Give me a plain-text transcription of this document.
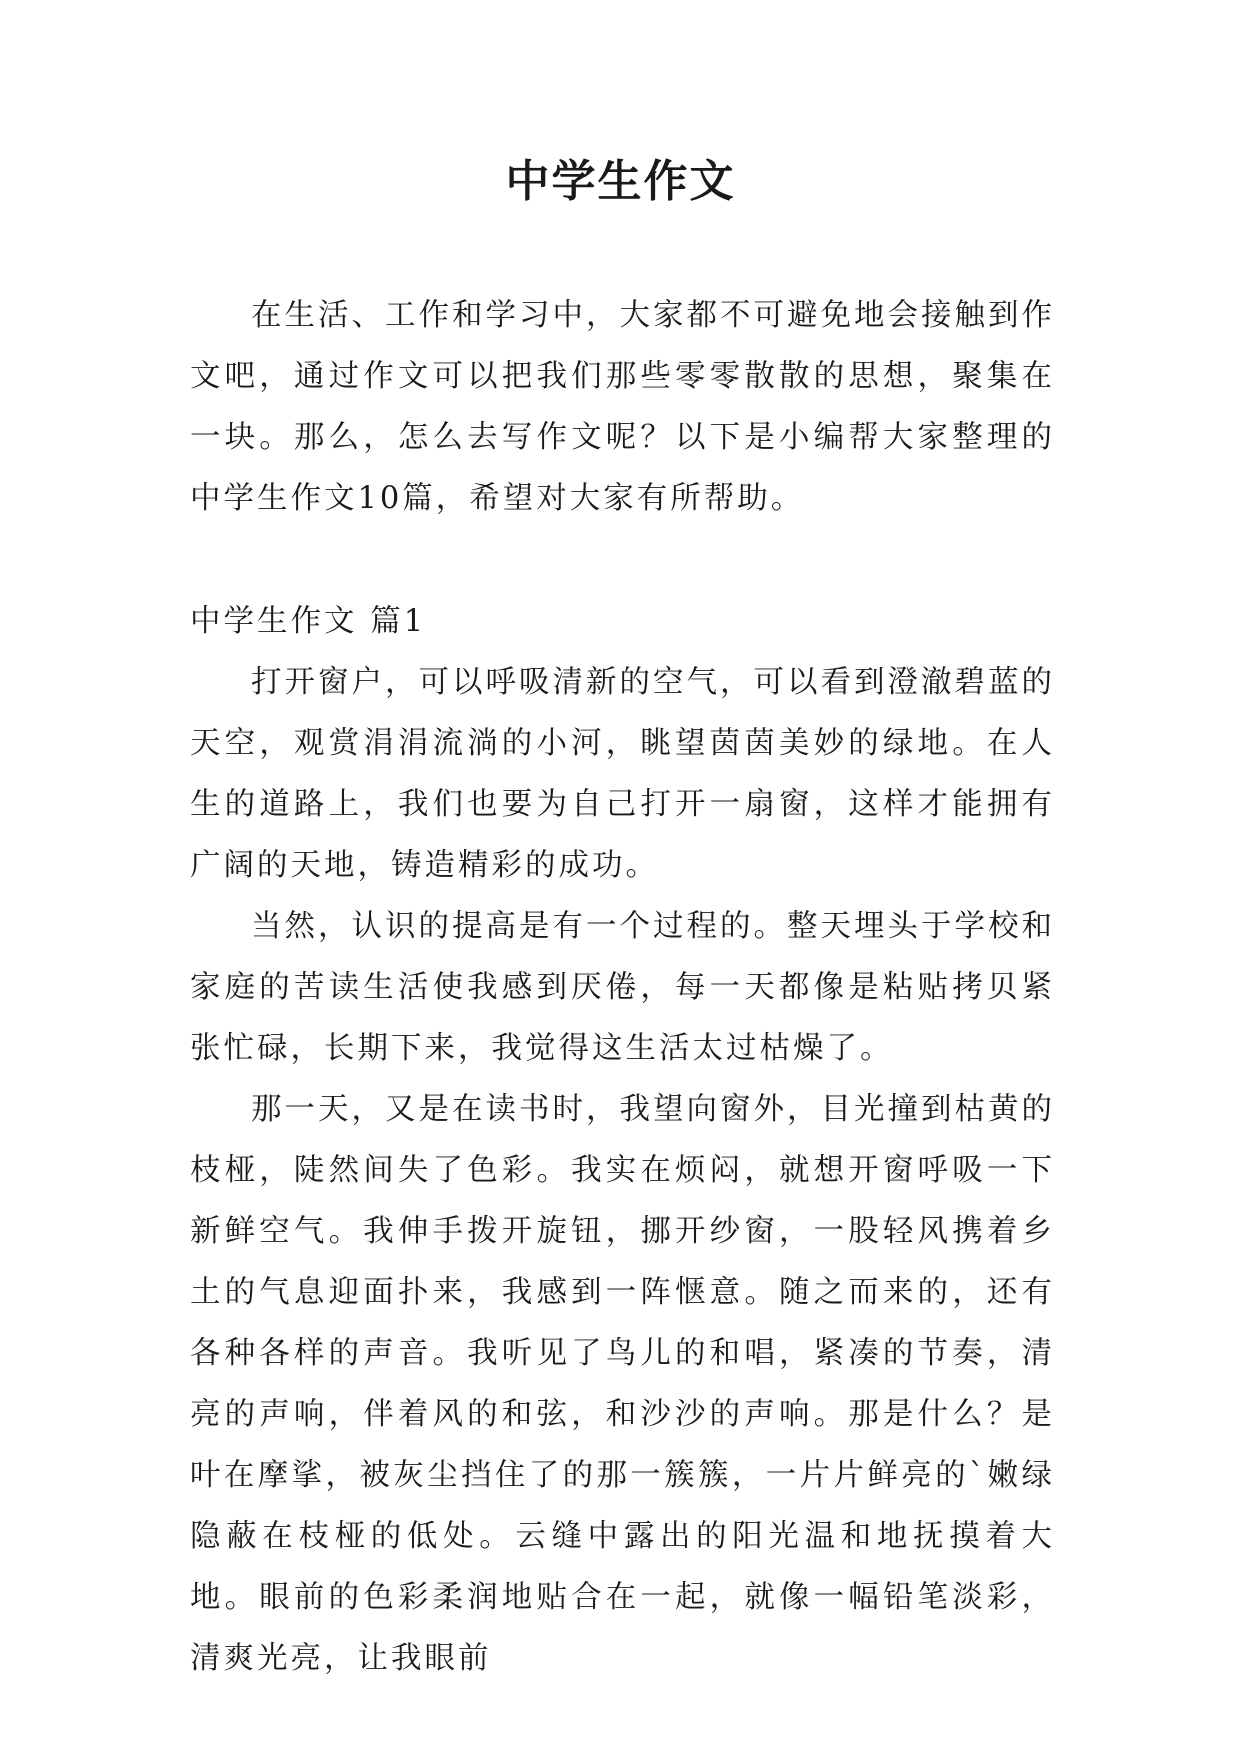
中学生作文

在生活、工作和学习中，大家都不可避免地会接触到作文吧，通过作文可以把我们那些零零散散的思想，聚集在一块。那么，怎么去写作文呢？以下是小编帮大家整理的中学生作文10篇，希望对大家有所帮助。

中学生作文 篇1

打开窗户，可以呼吸清新的空气，可以看到澄澈碧蓝的天空，观赏涓涓流淌的小河，眺望茵茵美妙的绿地。在人生的道路上，我们也要为自己打开一扇窗，这样才能拥有广阔的天地，铸造精彩的成功。

当然，认识的提高是有一个过程的。整天埋头于学校和家庭的苦读生活使我感到厌倦，每一天都像是粘贴拷贝紧张忙碌，长期下来，我觉得这生活太过枯燥了。

那一天，又是在读书时，我望向窗外，目光撞到枯黄的枝桠，陡然间失了色彩。我实在烦闷，就想开窗呼吸一下新鲜空气。我伸手拨开旋钮，挪开纱窗，一股轻风携着乡土的气息迎面扑来，我感到一阵惬意。随之而来的，还有各种各样的声音。我听见了鸟儿的和唱，紧凑的节奏，清亮的声响，伴着风的和弦，和沙沙的声响。那是什么？是叶在摩挲，被灰尘挡住了的那一簇簇，一片片鲜亮的`嫩绿隐蔽在枝桠的低处。云缝中露出的阳光温和地抚摸着大地。眼前的色彩柔润地贴合在一起，就像一幅铅笔淡彩，清爽光亮，让我眼前
